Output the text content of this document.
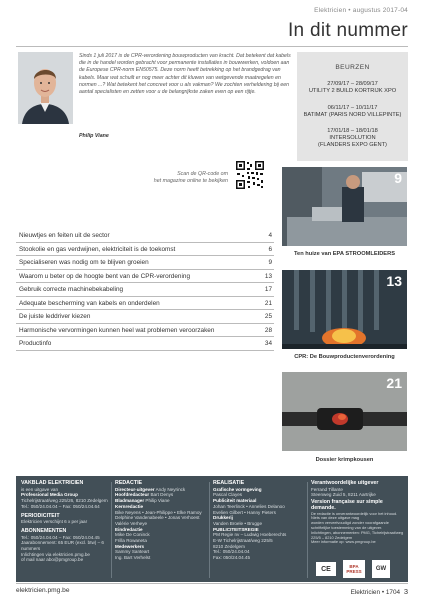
Elektricien • augustus 2017-04
In dit nummer
Sinds 1 juli 2017 is de CPR-verordening bouwproducten van kracht. Dat betekent dat kabels die in de handel worden gebracht voor permanente installaties in bouwwerken, voldoen aan de Europese CPR-norm EN50575. Deze norm heeft betrekking op het brandgedrag van kabels. Maar wat schuilt er nog meer achter dit kluwen van wetgevende maatregelen en normen ...? Wat betekent het concreet voor u als vakman? We zochten verheldering bij een aantal specialisten en zetten voor u de belangrijkste zaken even op een rijtje.
Philip Viane
BEURZEN
27/09/17 – 28/09/17
UTILITY 2 BUILD KORTRIJK XPO
06/11/17 – 10/11/17
BATIMAT (PARIS NORD VILLEPINTE)
17/01/18 – 18/01/18
INTERSOLUTION
(FLANDERS EXPO GENT)
Scan de QR-code om
het magazine online te bekijken
Nieuwtjes en feiten uit de sector	4
Stookolie en gas verdwijnen, elektriciteit is de toekomst	6
Specialiseren was nodig om te blijven groeien	9
Waarom u beter op de hoogte bent van de CPR-verordening	13
Gebruik correcte machinebekabeling	17
Adequate bescherming van kabels en onderdelen	21
De juiste leddriver kiezen	25
Harmonische vervormingen kunnen heel wat problemen veroorzaken	28
Productinfo	34
9
Ten huize van EPA STROOMLEIDERS
13
CPR: De Bouwproductenverordening
21
Dossier krimpkousen
VAKBLAD ELEKTRICIEN
is een uitgave van
Professional Media Group
Tichelrijstraat/weg 225/26, 8210 Zedelgem
Tel.: 050/24.04.04 – Fax: 050/24.04.64
PERIODICITEIT
Elektricien verschijnt 6 x per jaar
ABONNEMENTEN
Tel.: 050/24.04.04 – Fax: 050/24.04.45
Jaarabonnement: 65 EUR (excl. btw) – 6 nummers
Inlichtingen via elektricien.pmg.be
of mail naar abo@pmgroup.be
REDACTIE
Directeur-uitgever Andy Neyrinck
Hoofdredacteur Bart Denys
Bladmanager Philip Viane
Kernredactie
Bike Neyens • Jean-Philippe • Elke Ramoy
Delphine Vandenabeele • Jonas Verhoest
Valérie Verheye
Eindredactie
Mike De Coninck
Frilla Rowaneta
Medewerkers
Sammy Santeart
Ing. Bart Verhelst
REALISATIE
Grafische vormgeving
Pascal Clayes
Publiciteit materiaal
Johan Teerlinck • Annelies Delanoo
Evelien Gilbert • Hanny Pieters
Drukkerij
Vanden Broele • Brugge
PUBLICITEITSREGIE
PM Regie nv – Ludwig Hoeberechts
E-W Tichelrijstraat/weg 225/5
8210 Zedelgem
Tel.: 050/24.04.04
Fax: 050/24.04.45
Verantwoordelijke uitgever
Ferrand Tillante
Steenweg Zuid 5, 8211 Aartrijke
Version française sur simple demande.
De redactie is onverantwoordelijk voor het inhoud. Niets van deze uitgave mag
worden verveelvoudigd zonder voorafgaande schriftelijke toestemming van de uitgever.
Inlichtingen, abonnementen: PMG, Tichelrijstraat/weg 225/5 – 8210 Zedelgem
Meer informatie op: www.pmgroup.be
CE	BPA PRESS	GW
elektricien.pmg.be	Elektricien • 1704 3
